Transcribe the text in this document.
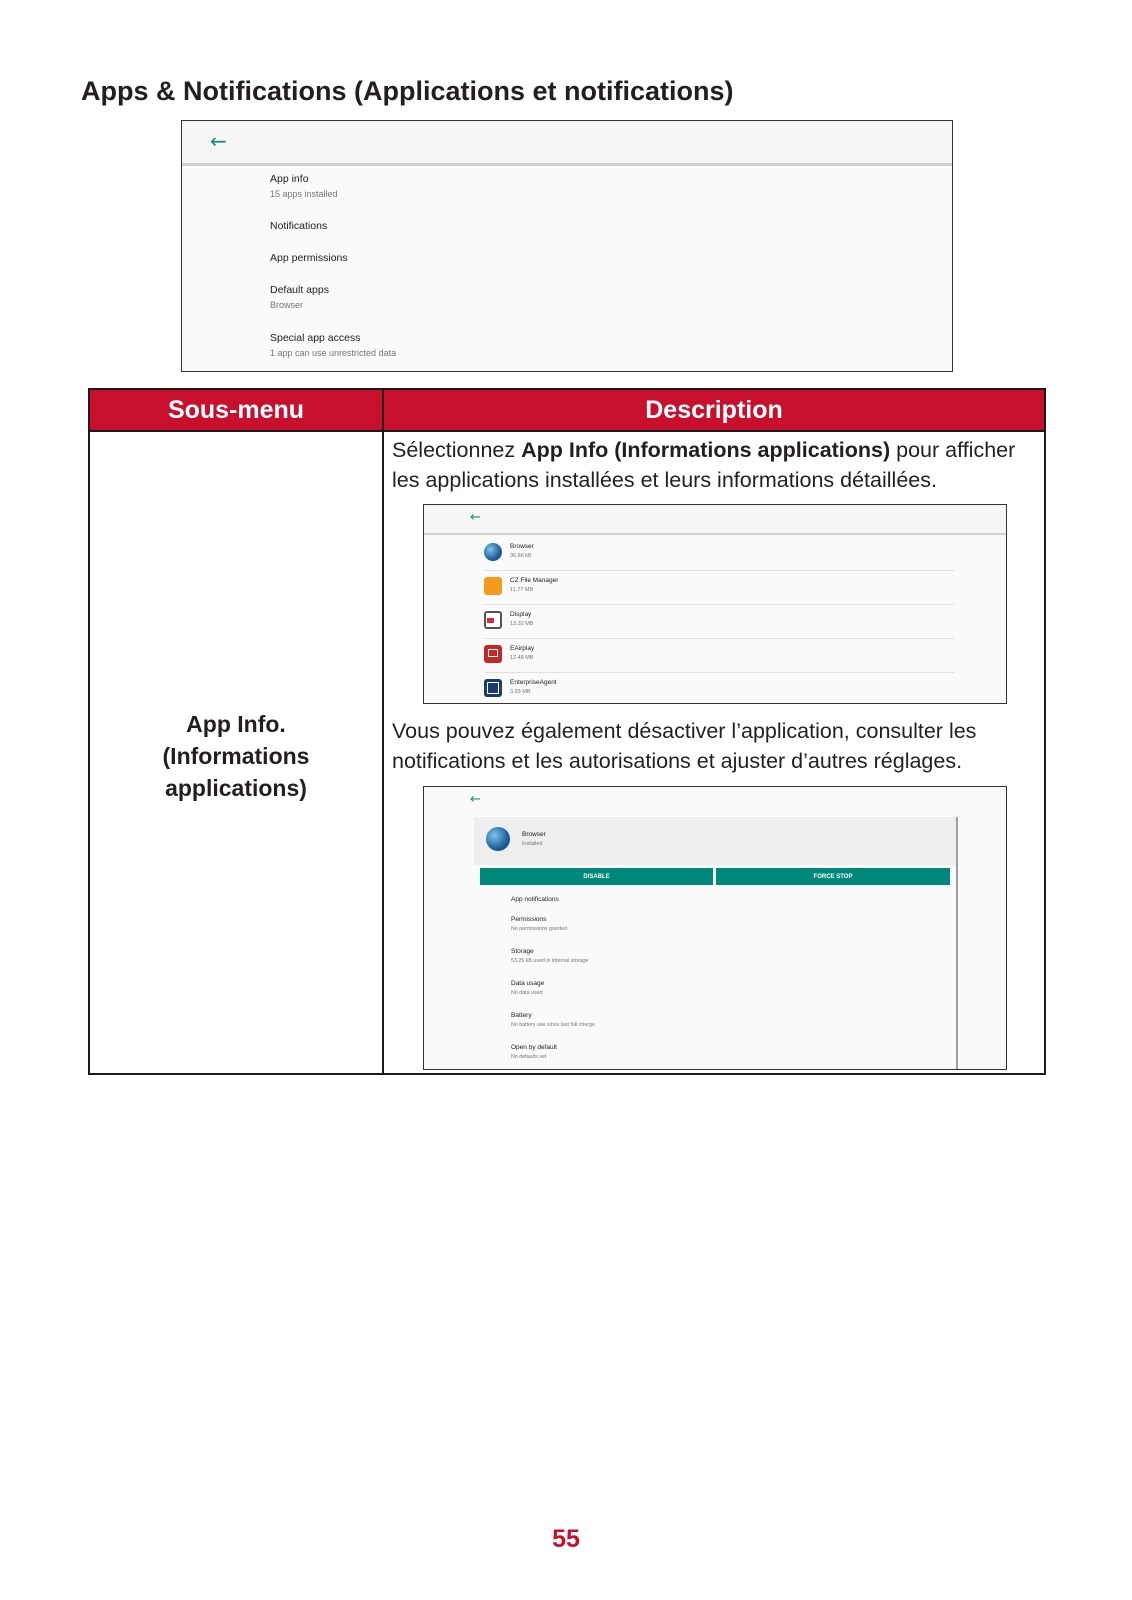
Apps & Notifications (Applications et notifications)
←
App info
15 apps installed
Notifications
App permissions
Default apps
Browser
Special app access
1 app can use unrestricted data
Sous-menu	Description
App Info.
(Informations
applications)
Sélectionnez App Info (Informations applications) pour afficher les applications installées et leurs informations détaillées.
←
Browser
36.86 kB
CZ File Manager
11.77 MB
Display
13.32 MB
EAirplay
12.48 MB
EnterpriseAgent
3.93 MB
Vous pouvez également désactiver l’application, consulter les notifications et les autorisations et ajuster d’autres réglages.
←
Browser
Installed
DISABLE	FORCE STOP
App notifications
Permissions
No permissions granted
Storage
53.25 kB used in internal storage
Data usage
No data used
Battery
No battery use since last full charge
Open by default
No defaults set
55
